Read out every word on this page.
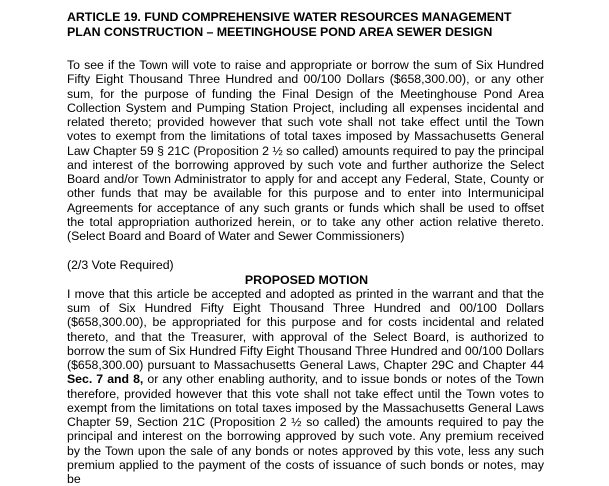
ARTICLE 19. FUND COMPREHENSIVE WATER RESOURCES MANAGEMENT PLAN CONSTRUCTION – MEETINGHOUSE POND AREA SEWER DESIGN

To see if the Town will vote to raise and appropriate or borrow the sum of Six Hundred Fifty Eight Thousand Three Hundred and 00/100 Dollars ($658,300.00), or any other sum, for the purpose of funding the Final Design of the Meetinghouse Pond Area Collection System and Pumping Station Project, including all expenses incidental and related thereto; provided however that such vote shall not take effect until the Town votes to exempt from the limitations of total taxes imposed by Massachusetts General Law Chapter 59 § 21C (Proposition 2 ½ so called) amounts required to pay the principal and interest of the borrowing approved by such vote and further authorize the Select Board and/or Town Administrator to apply for and accept any Federal, State, County or other funds that may be available for this purpose and to enter into Intermunicipal Agreements for acceptance of any such grants or funds which shall be used to offset the total appropriation authorized herein, or to take any other action relative thereto. (Select Board and Board of Water and Sewer Commissioners)

(2/3 Vote Required)

PROPOSED MOTION

I move that this article be accepted and adopted as printed in the warrant and that the sum of Six Hundred Fifty Eight Thousand Three Hundred and 00/100 Dollars ($658,300.00), be appropriated for this purpose and for costs incidental and related thereto, and that the Treasurer, with approval of the Select Board, is authorized to borrow the sum of Six Hundred Fifty Eight Thousand Three Hundred and 00/100 Dollars ($658,300.00) pursuant to Massachusetts General Laws, Chapter 29C and Chapter 44 Sec. 7 and 8, or any other enabling authority, and to issue bonds or notes of the Town therefore, provided however that this vote shall not take effect until the Town votes to exempt from the limitations on total taxes imposed by the Massachusetts General Laws Chapter 59, Section 21C (Proposition 2 ½ so called) the amounts required to pay the principal and interest on the borrowing approved by such vote. Any premium received by the Town upon the sale of any bonds or notes approved by this vote, less any such premium applied to the payment of the costs of issuance of such bonds or notes, may be
